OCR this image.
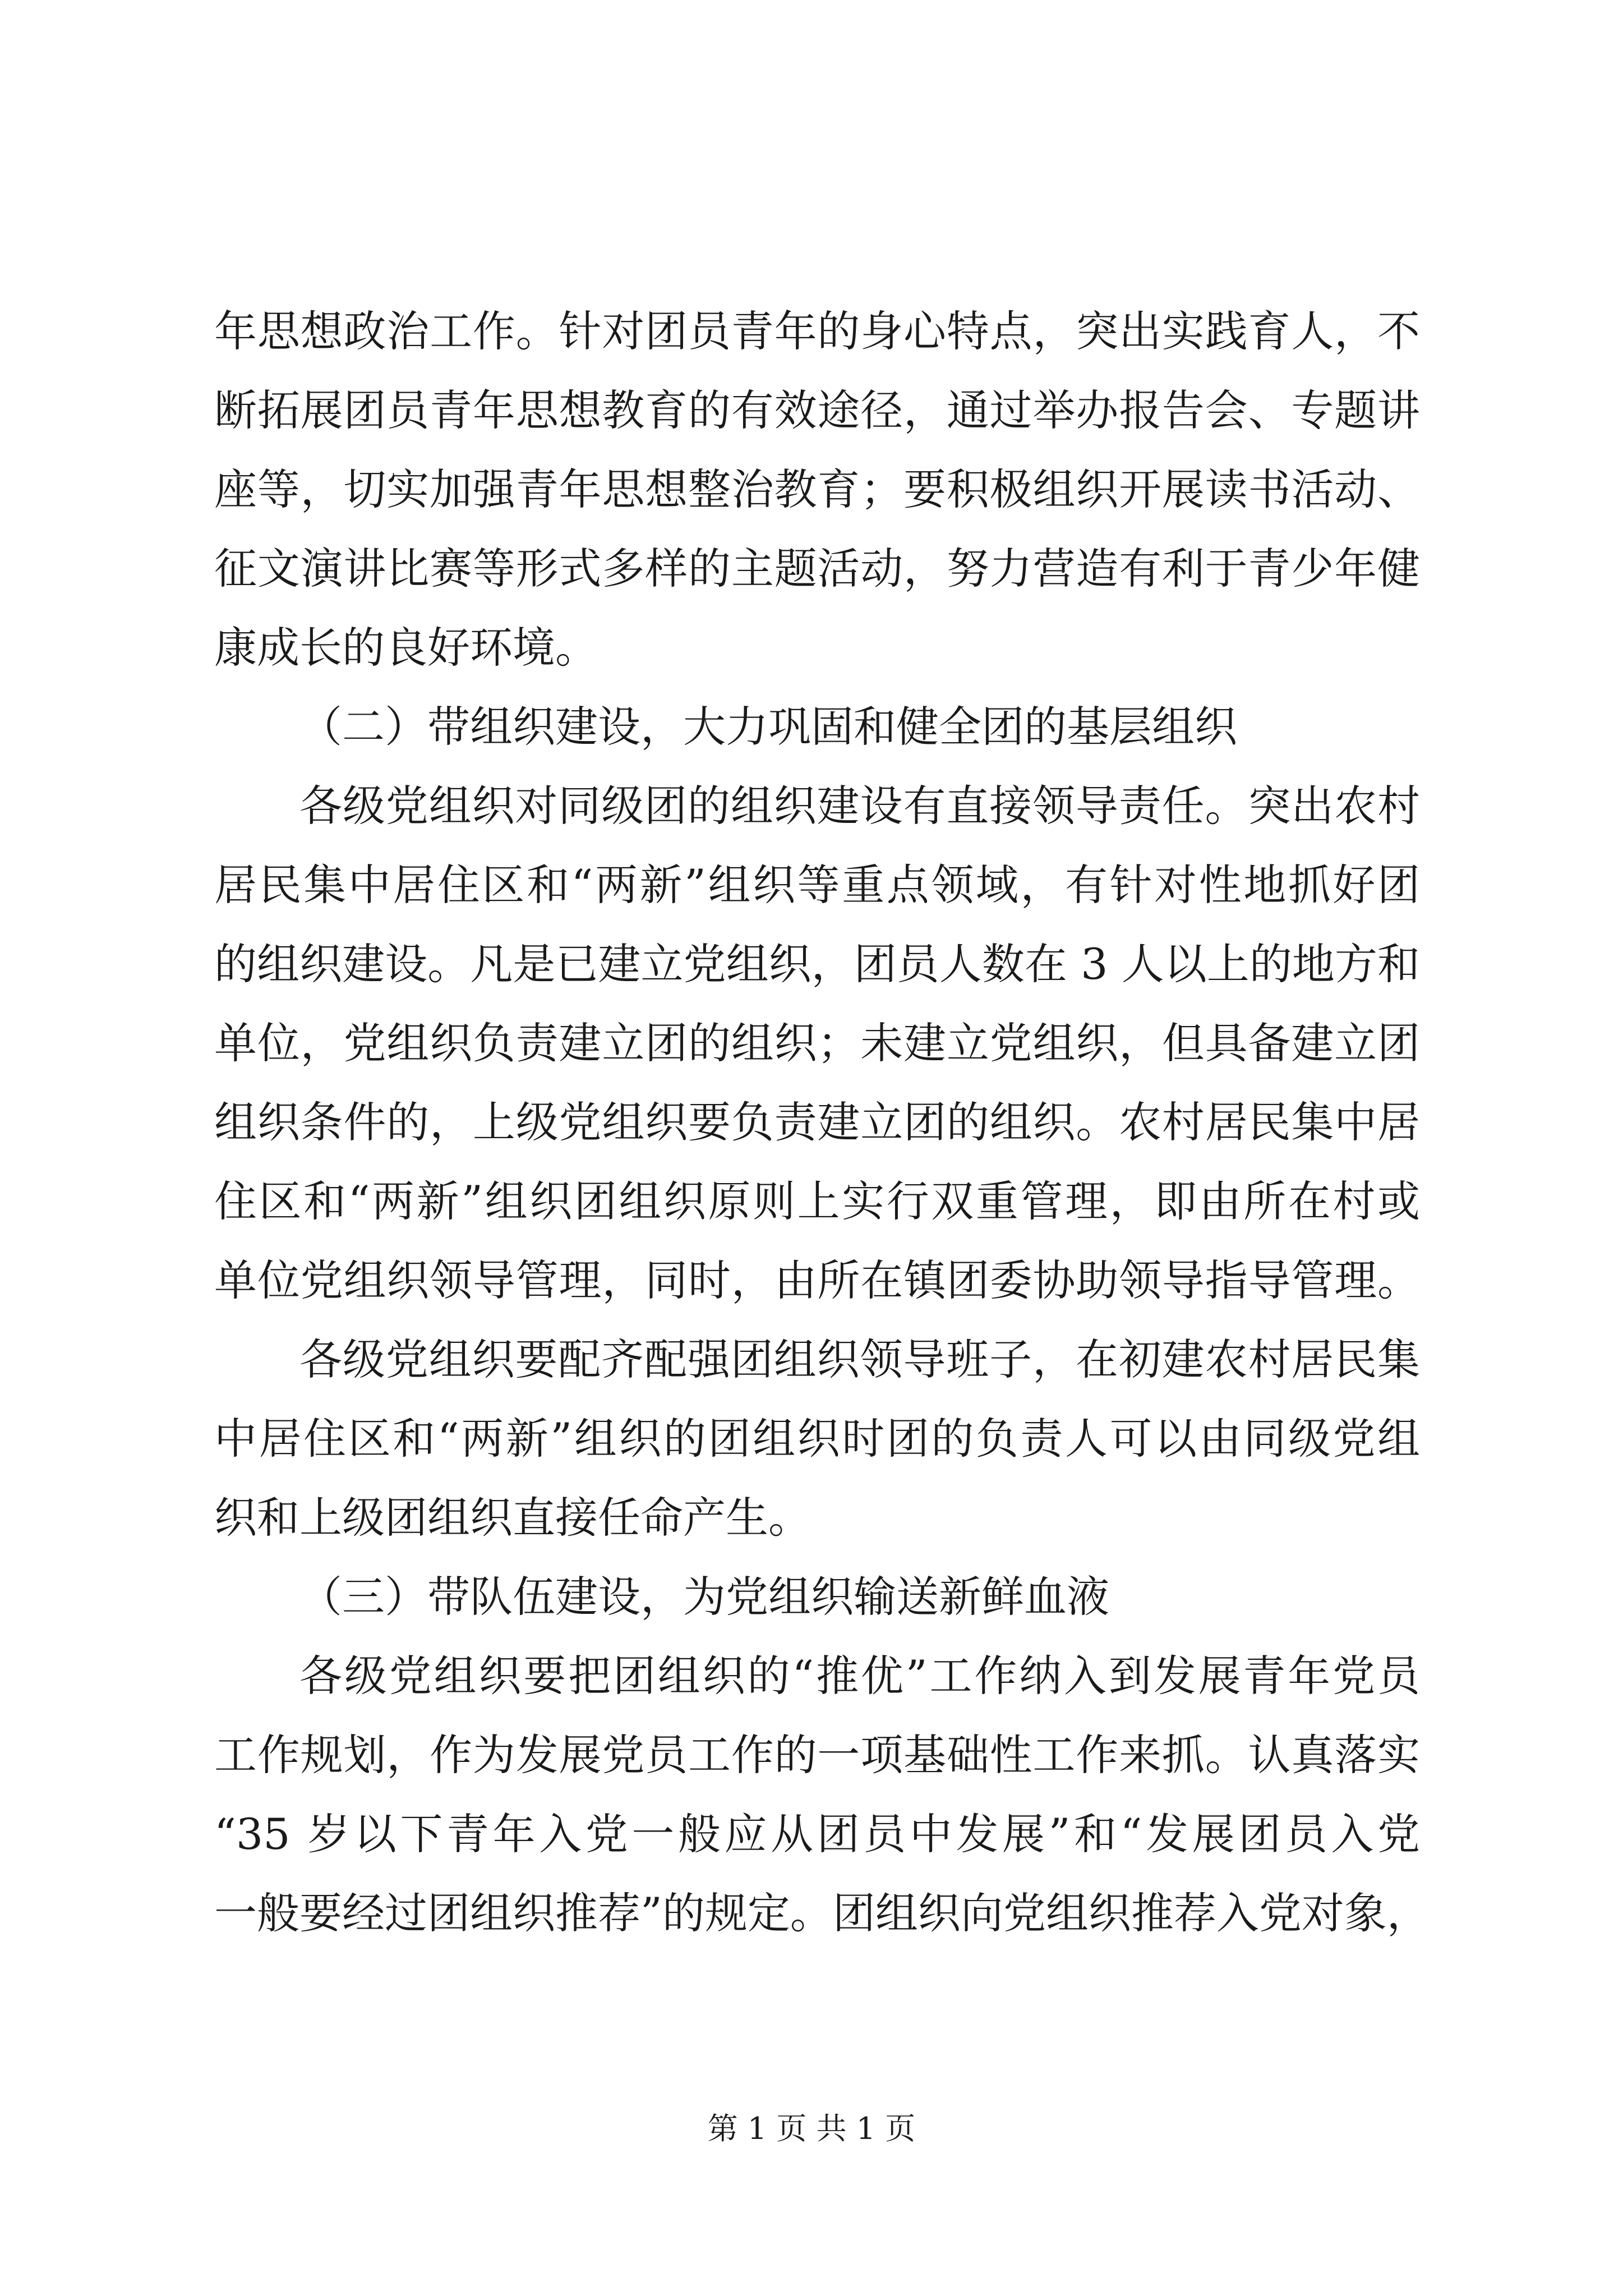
年思想政治工作。针对团员青年的身心特点，突出实践育人，不
断拓展团员青年思想教育的有效途径，通过举办报告会、专题讲
座等，切实加强青年思想整治教育；要积极组织开展读书活动、
征文演讲比赛等形式多样的主题活动，努力营造有利于青少年健
康成长的良好环境。
（二）带组织建设，大力巩固和健全团的基层组织
各级党组织对同级团的组织建设有直接领导责任。突出农村
居民集中居住区和“两新”组织等重点领域，有针对性地抓好团
的组织建设。凡是已建立党组织，团员人数在 3 人以上的地方和
单位，党组织负责建立团的组织；未建立党组织，但具备建立团
组织条件的，上级党组织要负责建立团的组织。农村居民集中居
住区和“两新”组织团组织原则上实行双重管理，即由所在村或
单位党组织领导管理，同时，由所在镇团委协助领导指导管理。
各级党组织要配齐配强团组织领导班子，在初建农村居民集
中居住区和“两新”组织的团组织时团的负责人可以由同级党组
织和上级团组织直接任命产生。
（三）带队伍建设，为党组织输送新鲜血液
各级党组织要把团组织的“推优”工作纳入到发展青年党员
工作规划，作为发展党员工作的一项基础性工作来抓。认真落实
“35 岁以下青年入党一般应从团员中发展”和“发展团员入党
一般要经过团组织推荐”的规定。团组织向党组织推荐入党对象，
第 1 页 共 1 页
